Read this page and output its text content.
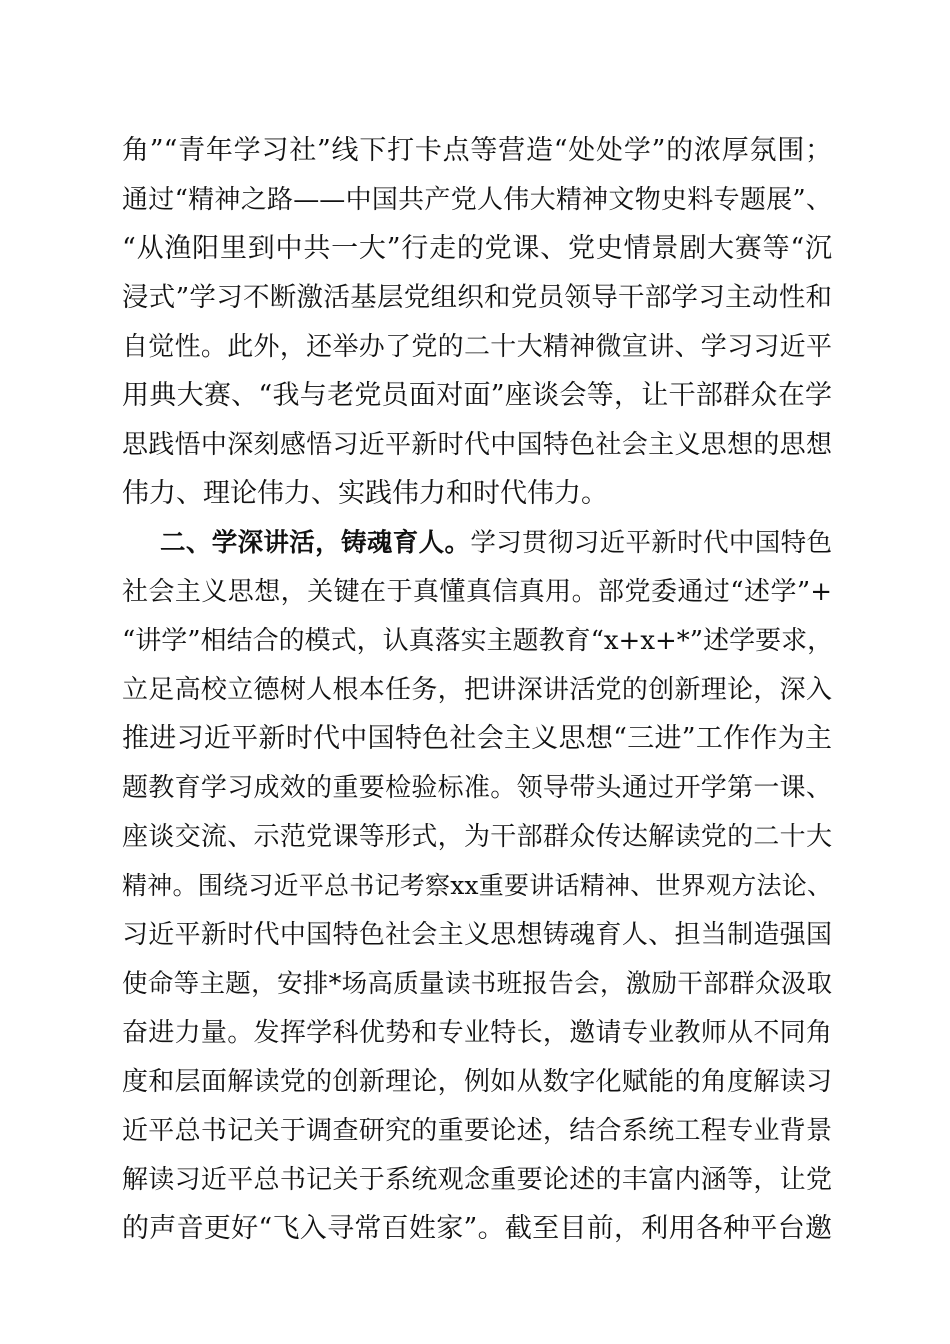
角”“青年学习社”线下打卡点等营造“处处学”的浓厚氛围；
通过“精神之路——中国共产党人伟大精神文物史料专题展”、
“从渔阳里到中共一大”行走的党课、党史情景剧大赛等“沉
浸式”学习不断激活基层党组织和党员领导干部学习主动性和
自觉性。此外，还举办了党的二十大精神微宣讲、学习习近平
用典大赛、“我与老党员面对面”座谈会等，让干部群众在学
思践悟中深刻感悟习近平新时代中国特色社会主义思想的思想
伟力、理论伟力、实践伟力和时代伟力。
二、学深讲活，铸魂育人。学习贯彻习近平新时代中国特色
社会主义思想，关键在于真懂真信真用。部党委通过“述学”+
“讲学”相结合的模式，认真落实主题教育“x+x+*”述学要求，
立足高校立德树人根本任务，把讲深讲活党的创新理论，深入
推进习近平新时代中国特色社会主义思想“三进”工作作为主
题教育学习成效的重要检验标准。领导带头通过开学第一课、
座谈交流、示范党课等形式，为干部群众传达解读党的二十大
精神。围绕习近平总书记考察xx重要讲话精神、世界观方法论、
习近平新时代中国特色社会主义思想铸魂育人、担当制造强国
使命等主题，安排*场高质量读书班报告会，激励干部群众汲取
奋进力量。发挥学科优势和专业特长，邀请专业教师从不同角
度和层面解读党的创新理论，例如从数字化赋能的角度解读习
近平总书记关于调查研究的重要论述，结合系统工程专业背景
解读习近平总书记关于系统观念重要论述的丰富内涵等，让党
的声音更好“飞入寻常百姓家”。截至目前，利用各种平台邀
